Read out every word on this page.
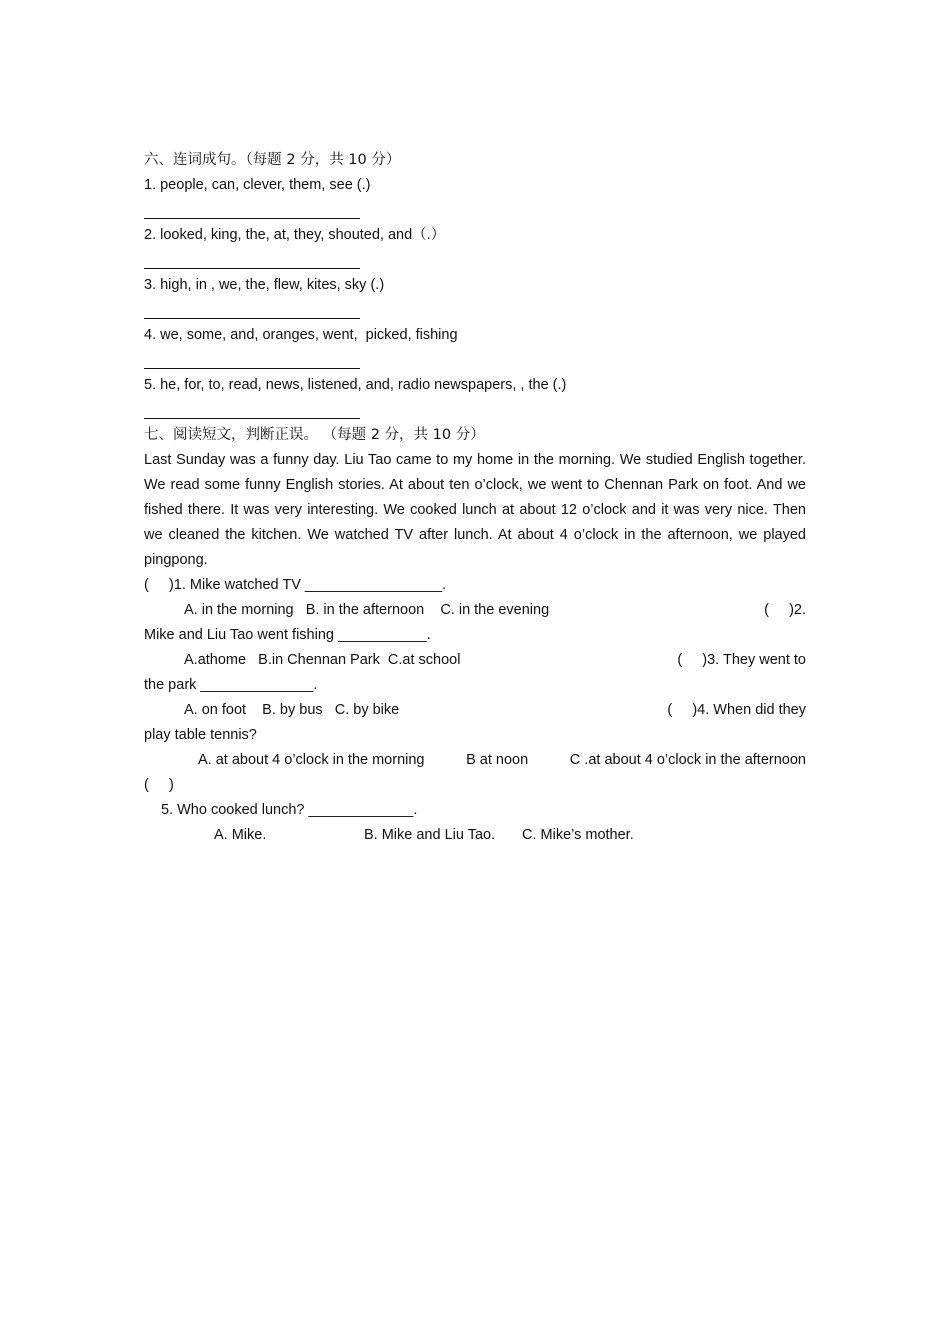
六、连词成句。（每题 2 分，共 10 分）
1. people, can, clever, them, see (.)
2. looked, king, the, at, they, shouted, and（.）
3. high, in , we, the, flew, kites, sky (.)
4. we, some, and, oranges, went,  picked, fishing
5. he, for, to, read, news, listened, and, radio newspapers, , the (.)
七、阅读短文，判断正误。 （每题 2 分，共 10 分）
Last Sunday was a funny day. Liu Tao came to my home in the morning. We studied English together. We read some funny English stories. At about ten o’clock, we went to Chennan Park on foot. And we fished there. It was very interesting. We cooked lunch at about 12 o’clock and it was very nice. Then we cleaned the kitchen. We watched TV after lunch. At about 4 o’clock in the afternoon, we played pingpong.
(     )1. Mike watched TV _________________.
A. in the morning   B. in the afternoon    C. in the evening	(     )2.
Mike and Liu Tao went fishing ___________.
A.athome   B.in Chennan Park  C.at school	(     )3. They went to
the park ______________.
A. on foot    B. by bus   C. by bike	(     )4. When did they
play table tennis?
A. at about 4 o’clock in the morning	B at noon	C .at about 4 o’clock in the afternoon
(     )
5. Who cooked lunch? _____________.
A. Mike.	B. Mike and Liu Tao. C. Mike’s mother.
